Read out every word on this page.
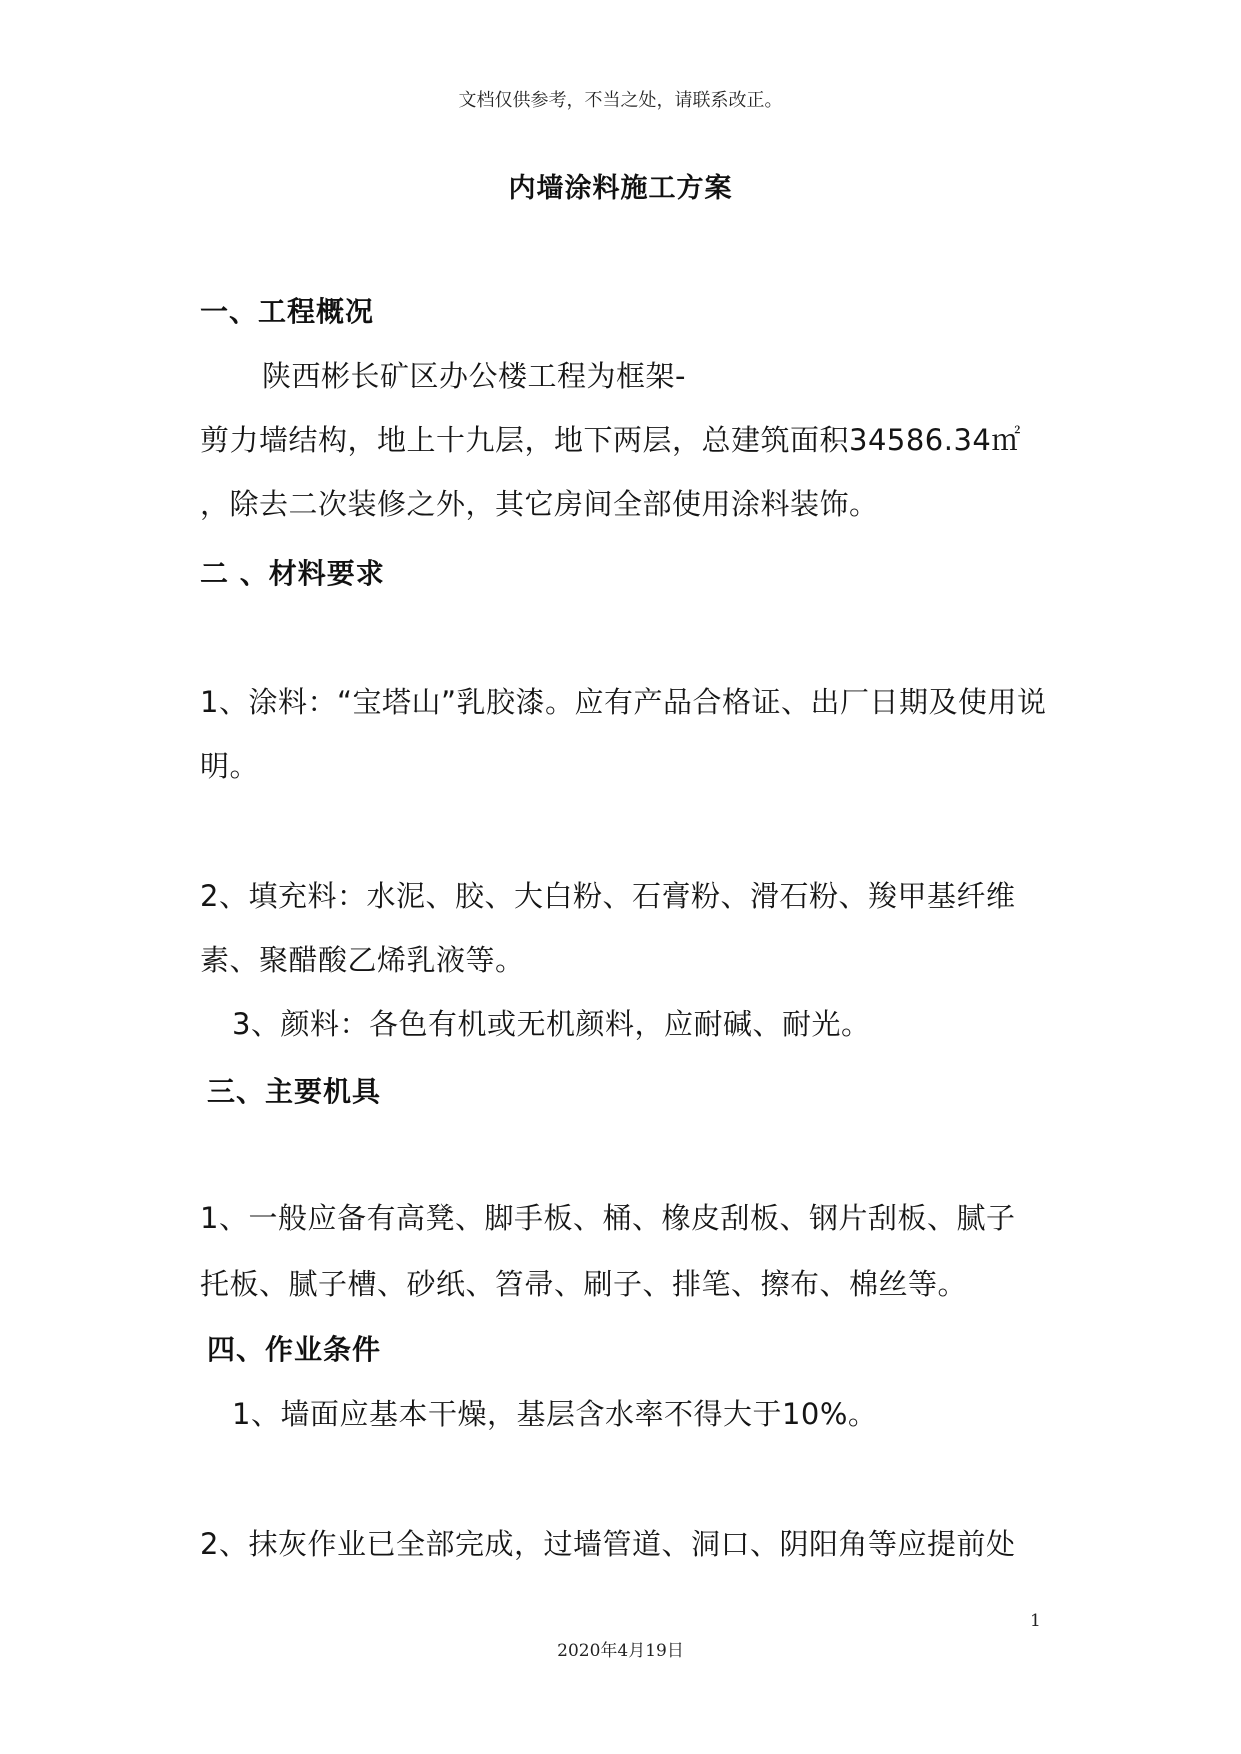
文档仅供参考，不当之处，请联系改正。
内墙涂料施工方案
一、工程概况
陕西彬长矿区办公楼工程为框架-
剪力墙结构，地上十九层，地下两层，总建筑面积34586.34㎡
，除去二次装修之外，其它房间全部使用涂料装饰。
二 、材料要求
1、涂料：“宝塔山”乳胶漆。应有产品合格证、出厂日期及使用说
明。
2、填充料：水泥、胶、大白粉、石膏粉、滑石粉、羧甲基纤维
素、聚醋酸乙烯乳液等。
3、颜料：各色有机或无机颜料，应耐碱、耐光。
三、主要机具
1、一般应备有高凳、脚手板、桶、橡皮刮板、钢片刮板、腻子
托板、腻子槽、砂纸、笤帚、刷子、排笔、擦布、棉丝等。
四、作业条件
1、墙面应基本干燥，基层含水率不得大于10%。
2、抹灰作业已全部完成，过墙管道、洞口、阴阳角等应提前处
1
2020年4月19日
